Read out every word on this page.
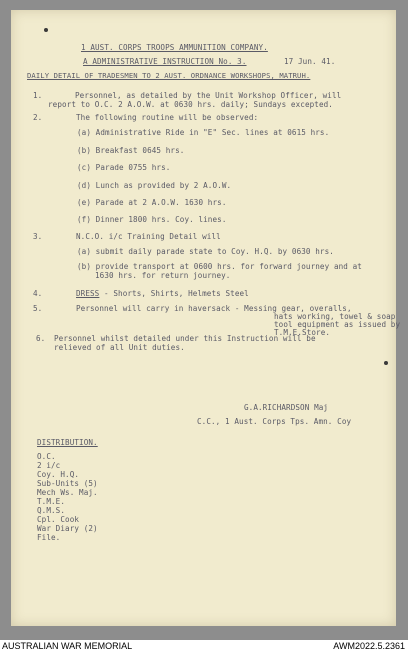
1 AUST. CORPS TROOPS AMMUNITION COMPANY.
A ADMINISTRATIVE INSTRUCTION No. 3.	17 Jun. 41.
DAILY DETAIL OF TRADESMEN TO 2 AUST. ORDNANCE WORKSHOPS, MATRUH.
1.	Personnel, as detailed by the Unit Workshop Officer, will
report to O.C. 2 A.O.W. at 0630 hrs. daily; Sundays excepted.
2.	The following routine will be observed:
(a) Administrative Ride in "E" Sec. lines at 0615 hrs.
(b) Breakfast 0645 hrs.
(c) Parade 0755 hrs.
(d) Lunch as provided by 2 A.O.W.
(e) Parade at 2 A.O.W. 1630 hrs.
(f) Dinner 1800 hrs. Coy. lines.
3.	N.C.O. i/c Training Detail will
(a) submit daily parade state to Coy. H.Q. by 0630 hrs.
(b) provide transport at 0600 hrs. for forward journey and at
1630 hrs. for return journey.
4.	DRESS - Shorts, Shirts, Helmets Steel
5.	Personnel will carry in haversack - Messing gear, overalls,
hats working, towel & soap
tool equipment as issued by
T.M.E.Store.
6. Personnel whilst detailed under this Instruction will be
relieved of all Unit duties.
G.A.RICHARDSON Maj
C.C., 1 Aust. Corps Tps. Amn. Coy
DISTRIBUTION.
O.C.
2 i/c
Coy. H.Q.
Sub-Units (5)
Mech Ws. Maj.
T.M.E.
Q.M.S.
Cpl. Cook
War Diary (2)
File.
AUSTRALIAN WAR MEMORIAL	AWM2022.5.2361
